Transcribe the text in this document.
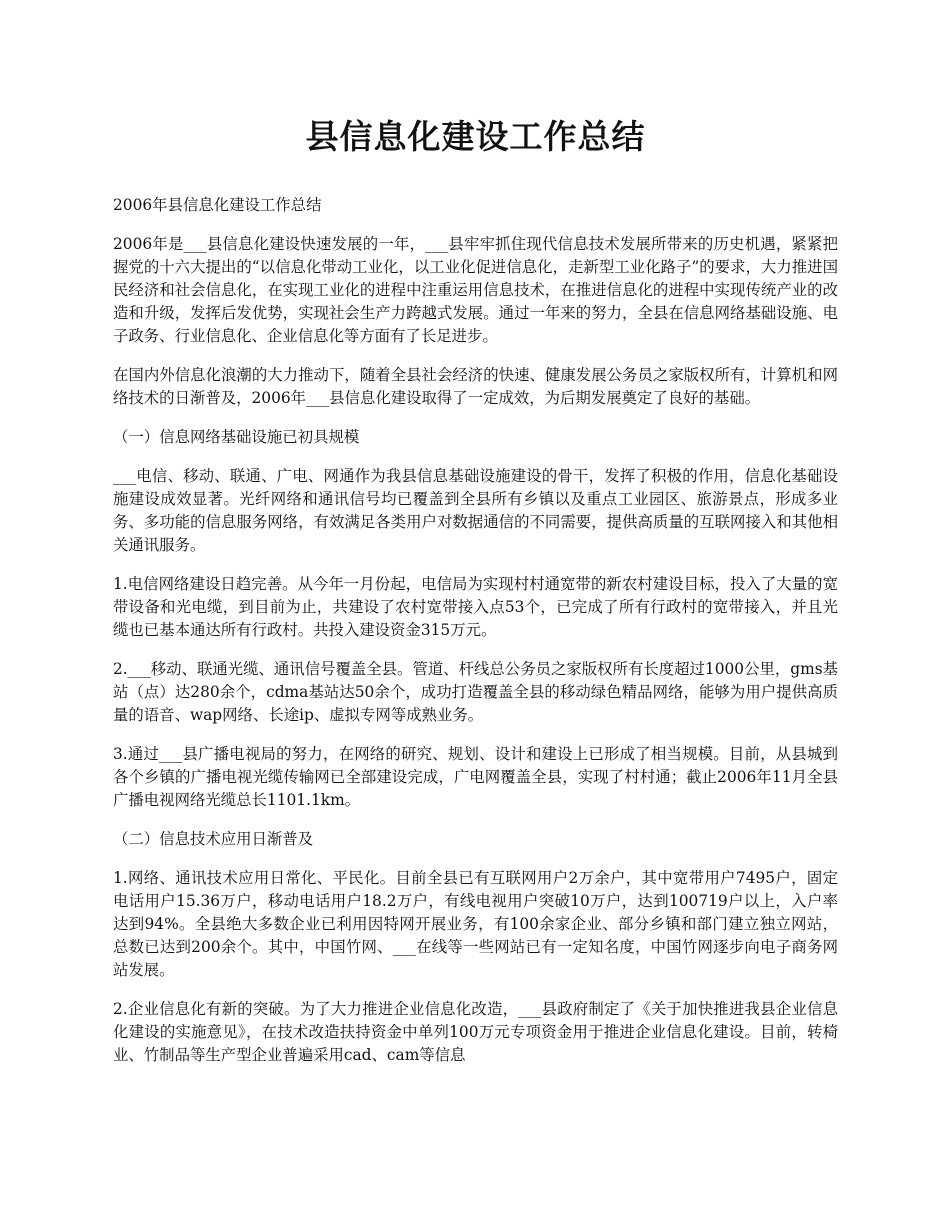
县信息化建设工作总结

2006年县信息化建设工作总结

2006年是___县信息化建设快速发展的一年，___县牢牢抓住现代信息技术发展所带来的历史机遇，紧紧把握党的十六大提出的“以信息化带动工业化，以工业化促进信息化，走新型工业化路子”的要求，大力推进国民经济和社会信息化，在实现工业化的进程中注重运用信息技术，在推进信息化的进程中实现传统产业的改造和升级，发挥后发优势，实现社会生产力跨越式发展。通过一年来的努力，全县在信息网络基础设施、电子政务、行业信息化、企业信息化等方面有了长足进步。

在国内外信息化浪潮的大力推动下，随着全县社会经济的快速、健康发展公务员之家版权所有，计算机和网络技术的日渐普及，2006年___县信息化建设取得了一定成效，为后期发展奠定了良好的基础。

（一）信息网络基础设施已初具规模

___电信、移动、联通、广电、网通作为我县信息基础设施建设的骨干，发挥了积极的作用，信息化基础设施建设成效显著。光纤网络和通讯信号均已覆盖到全县所有乡镇以及重点工业园区、旅游景点，形成多业务、多功能的信息服务网络，有效满足各类用户对数据通信的不同需要，提供高质量的互联网接入和其他相关通讯服务。

1.电信网络建设日趋完善。从今年一月份起，电信局为实现村村通宽带的新农村建设目标，投入了大量的宽带设备和光电缆，到目前为止，共建设了农村宽带接入点53个，已完成了所有行政村的宽带接入，并且光缆也已基本通达所有行政村。共投入建设资金315万元。

2.___移动、联通光缆、通讯信号覆盖全县。管道、杆线总公务员之家版权所有长度超过1000公里，gms基站（点）达280余个，cdma基站达50余个，成功打造覆盖全县的移动绿色精品网络，能够为用户提供高质量的语音、wap网络、长途ip、虚拟专网等成熟业务。

3.通过___县广播电视局的努力，在网络的研究、规划、设计和建设上已形成了相当规模。目前，从县城到各个乡镇的广播电视光缆传输网已全部建设完成，广电网覆盖全县，实现了村村通；截止2006年11月全县广播电视网络光缆总长1101.1km。

（二）信息技术应用日渐普及

1.网络、通讯技术应用日常化、平民化。目前全县已有互联网用户2万余户，其中宽带用户7495户，固定电话用户15.36万户，移动电话用户18.2万户，有线电视用户突破10万户，达到100719户以上，入户率达到94%。全县绝大多数企业已利用因特网开展业务，有100余家企业、部分乡镇和部门建立独立网站，总数已达到200余个。其中，中国竹网、___在线等一些网站已有一定知名度，中国竹网逐步向电子商务网站发展。

2.企业信息化有新的突破。为了大力推进企业信息化改造，___县政府制定了《关于加快推进我县企业信息化建设的实施意见》，在技术改造扶持资金中单列100万元专项资金用于推进企业信息化建设。目前，转椅业、竹制品等生产型企业普遍采用cad、cam等信息
